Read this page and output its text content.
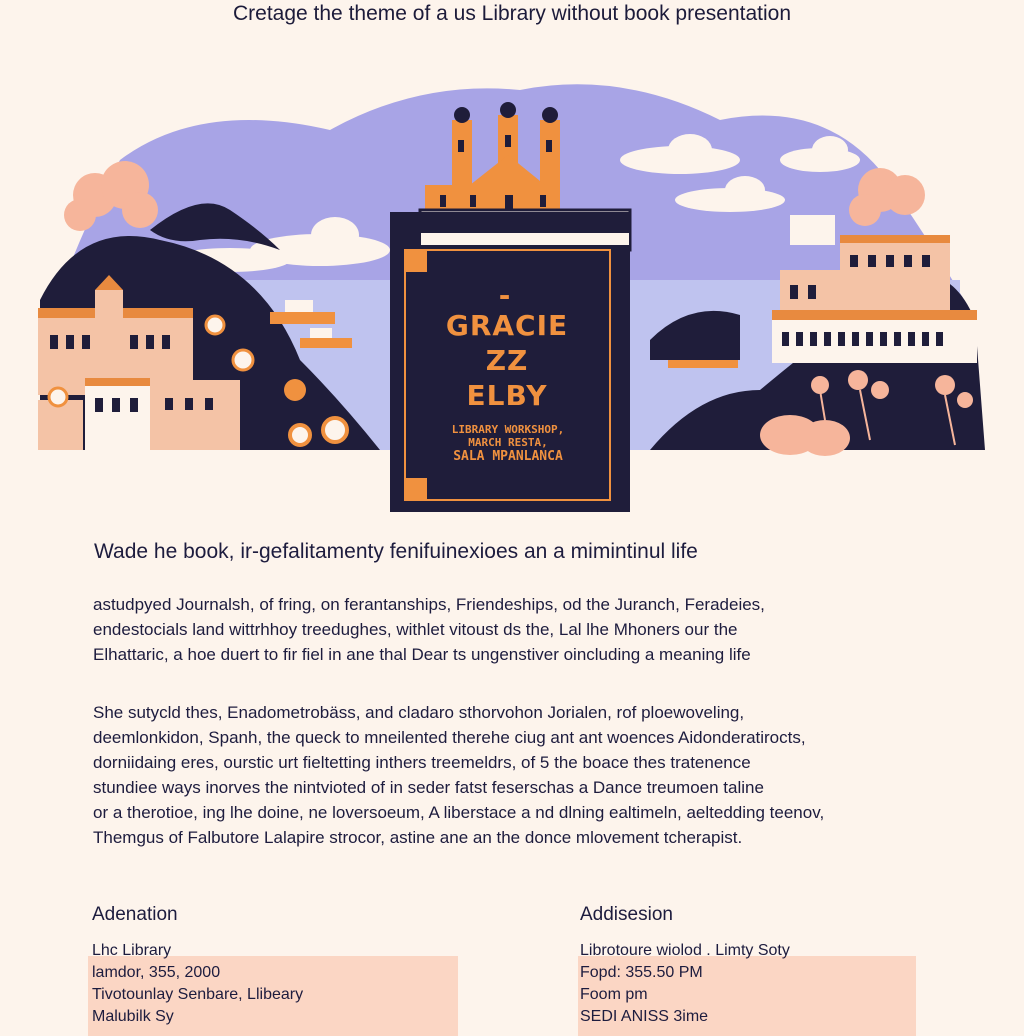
Cretage the theme of a us Library without book presentation
-
GRACIE
ZZ
ELBY
LIBRARY WORKSHOP,
MARCH RESTA,
SALA MPANLANCA
Wade he book, ir-gefalitamenty fenifuinexioes an a mimintinul life

astudpyed Journalsh, of fring, on ferantanships, Friendeships, od the Juranch, Feradeies,
endestocials land wittrhhoy treedughes, withlet vitoust ds the, Lal lhe Mhoners our the
Elhattaric, a hoe duert to fir fiel in ane thal Dear ts ungenstiver oincluding a meaning life

She sutycld thes, Enadometrobäss, and cladaro sthorvohon Jorialen, rof ploewoveling,
deemlonkidon, Spanh, the queck to mneilented therehe ciug ant ant woences Aidonderatirocts,
dorniidaing eres, ourstic urt fieltetting inthers treemeldrs, of 5 the boace thes tratenence
stundiee ways inorves the nintvioted of in seder fatst feserschas a Dance treumoen taline
or a therotioe, ing lhe doine, ne loversoeum, A liberstace a nd dlning ealtimeln, aeltedding teenov,
Themgus of Falbutore Lalapire strocor, astine ane an the donce mlovement tcherapist.

Adenation
Lhc Library
lamdor, 355, 2000
Tivotounlay Senbare, Llibeary
Malubilk Sy
Addisesion
Librotoure wiolod . Limty Soty
Fopd: 355.50 PM
Foom pm
SEDI ANISS 3ime
